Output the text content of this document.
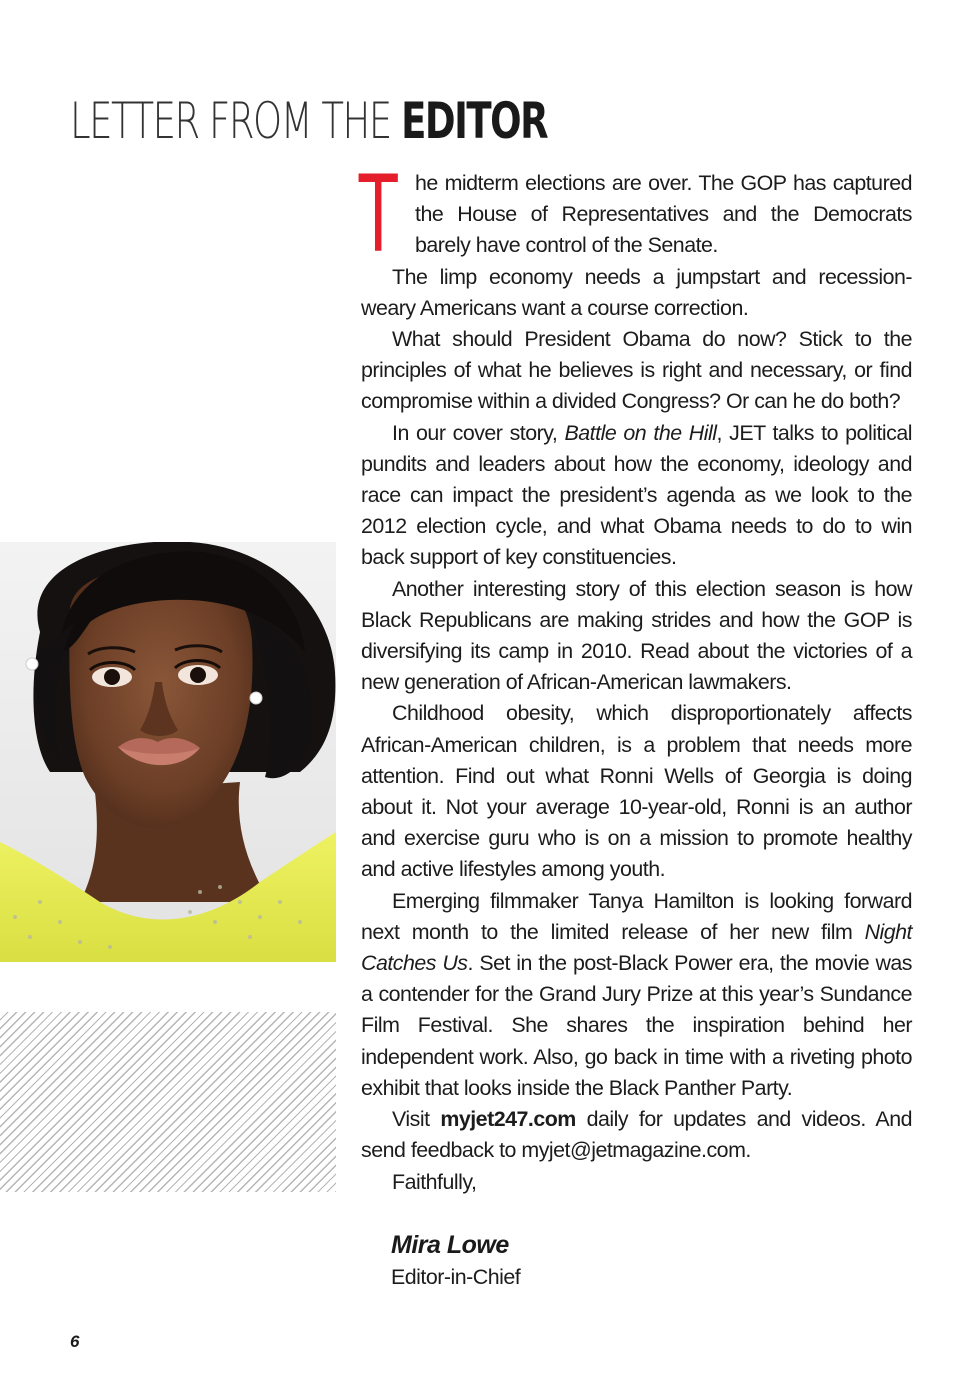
LETTER FROM THE EDITOR

The midterm elections are over. The GOP has captured the House of Representatives and the Democrats barely have control of the Senate.

The limp economy needs a jumpstart and recession-weary Americans want a course correction.

What should President Obama do now? Stick to the principles of what he believes is right and necessary, or find compromise within a divided Congress? Or can he do both?

In our cover story, Battle on the Hill, JET talks to political pundits and leaders about how the economy, ideology and race can impact the president’s agenda as we look to the 2012 election cycle, and what Obama needs to do to win back support of key constituencies.

Another interesting story of this election season is how Black Republicans are making strides and how the GOP is diversifying its camp in 2010. Read about the victories of a new generation of African-American lawmakers.

Childhood obesity, which disproportionately affects African-American children, is a problem that needs more attention. Find out what Ronni Wells of Georgia is doing about it. Not your average 10-year-old, Ronni is an author and exercise guru who is on a mission to promote healthy and active lifestyles among youth.

Emerging filmmaker Tanya Hamilton is looking forward next month to the limited release of her new film Night Catches Us. Set in the post-Black Power era, the movie was a contender for the Grand Jury Prize at this year’s Sundance Film Festival. She shares the inspiration behind her independent work. Also, go back in time with a riveting photo exhibit that looks inside the Black Panther Party.

Visit myjet247.com daily for updates and videos. And send feedback to myjet@jetmagazine.com.

Faithfully,

Mira Lowe
Editor-in-Chief
6
